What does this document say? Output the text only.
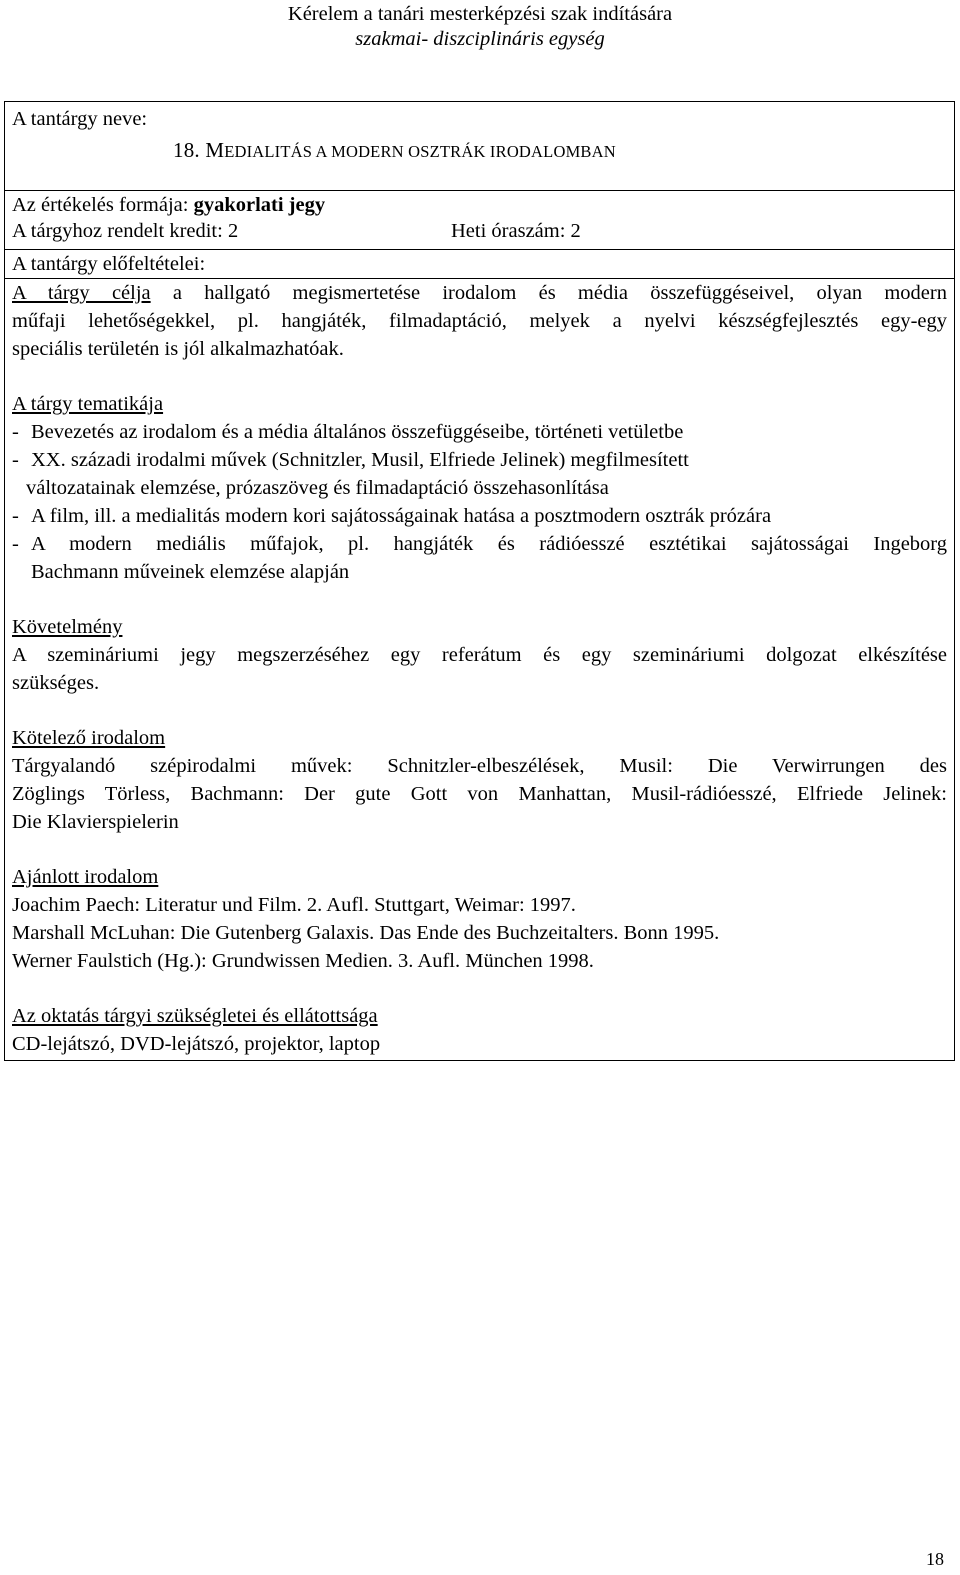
Kérelem a tanári mesterképzési szak indítására
szakmai- diszciplináris egység
A tantárgy neve:
18. MEDIALITÁS A MODERN OSZTRÁK IRODALOMBAN

Az értékelés formája: gyakorlati jegy
A tárgyhoz rendelt kredit: 2	Heti óraszám: 2

A tantárgy előfeltételei:

A tárgy célja a hallgató megismertetése irodalom és média összefüggéseivel, olyan modern
műfaji lehetőségekkel, pl. hangjáték, filmadaptáció, melyek a nyelvi készségfejlesztés egy-egy
speciális területén is jól alkalmazhatóak.
A tárgy tematikája
- Bevezetés az irodalom és a média általános összefüggéseibe, történeti vetületbe
- XX. századi irodalmi művek (Schnitzler, Musil, Elfriede Jelinek) megfilmesített
változatainak elemzése, prózaszöveg és filmadaptáció összehasonlítása
- A film, ill. a medialitás modern kori sajátosságainak hatása a posztmodern osztrák prózára
- A modern mediális műfajok, pl. hangjáték és rádióesszé esztétikai sajátosságai Ingeborg
Bachmann műveinek elemzése alapján
Követelmény
A szemináriumi jegy megszerzéséhez egy referátum és egy szemináriumi dolgozat elkészítése
szükséges.
Kötelező irodalom
Tárgyalandó szépirodalmi művek: Schnitzler-elbeszélések, Musil: Die Verwirrungen des
Zöglings Törless, Bachmann: Der gute Gott von Manhattan, Musil-rádióesszé, Elfriede Jelinek:
Die Klavierspielerin
Ajánlott irodalom
Joachim Paech: Literatur und Film. 2. Aufl. Stuttgart, Weimar: 1997.
Marshall McLuhan: Die Gutenberg Galaxis. Das Ende des Buchzeitalters. Bonn 1995.
Werner Faulstich (Hg.): Grundwissen Medien. 3. Aufl. München 1998.
Az oktatás tárgyi szükségletei és ellátottsága
CD-lejátszó, DVD-lejátszó, projektor, laptop
18
